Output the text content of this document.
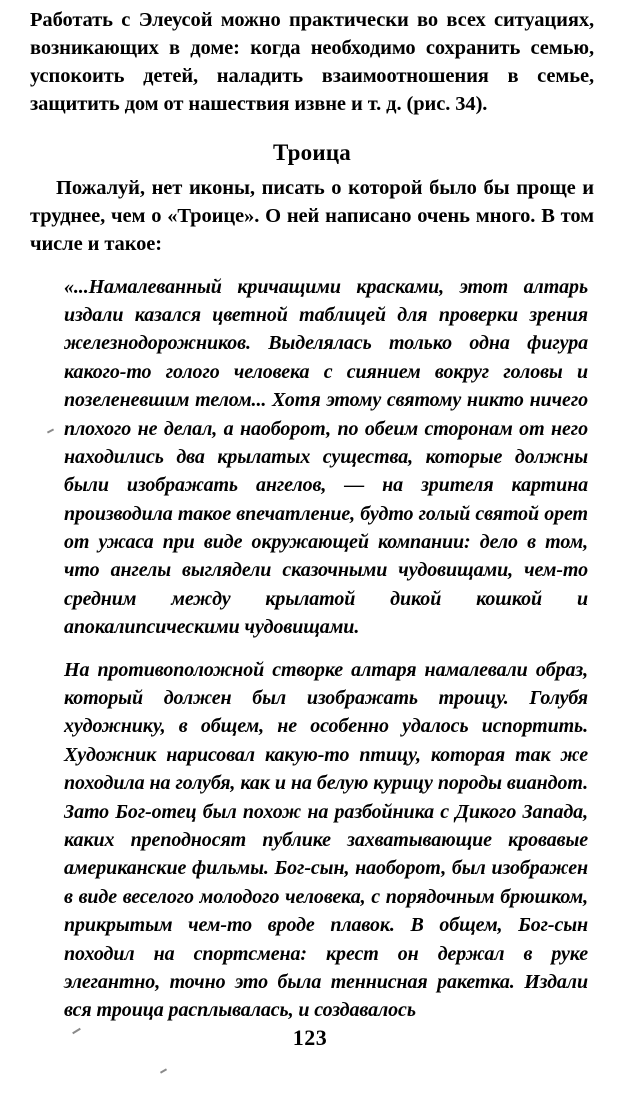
Работать с Элеусой можно практически во всех ситуациях, возникающих в доме: когда необходимо сохранить семью, успокоить детей, наладить взаимоотношения в семье, защитить дом от нашествия извне и т. д. (рис. 34).

Троица

Пожалуй, нет иконы, писать о которой было бы проще и труднее, чем о «Троице». О ней написано очень много. В том числе и такое:

«...Намалеванный кричащими красками, этот алтарь издали казался цветной таблицей для проверки зрения железнодорожников. Выделялась только одна фигура какого-то голого человека с сиянием вокруг головы и позеленевшим телом... Хотя этому святому никто ничего плохого не делал, а наоборот, по обеим сторонам от него находились два крылатых существа, которые должны были изображать ангелов, — на зрителя картина производила такое впечатление, будто голый святой орет от ужаса при виде окружающей компании: дело в том, что ангелы выглядели сказочными чудовищами, чем-то средним между крылатой дикой кошкой и апокалипсическими чудовищами.

На противоположной створке алтаря намалевали образ, который должен был изображать троицу. Голубя художнику, в общем, не особенно удалось испортить. Художник нарисовал какую-то птицу, которая так же походила на голубя, как и на белую курицу породы виандот. Зато Бог-отец был похож на разбойника с Дикого Запада, каких преподносят публике захватывающие кровавые американские фильмы. Бог-сын, наоборот, был изображен в виде веселого молодого человека, с порядочным брюшком, прикрытым чем-то вроде плавок. В общем, Бог-сын походил на спортсмена: крест он держал в руке элегантно, точно это была теннисная ракетка. Издали вся троица расплывалась, и создавалось

123
